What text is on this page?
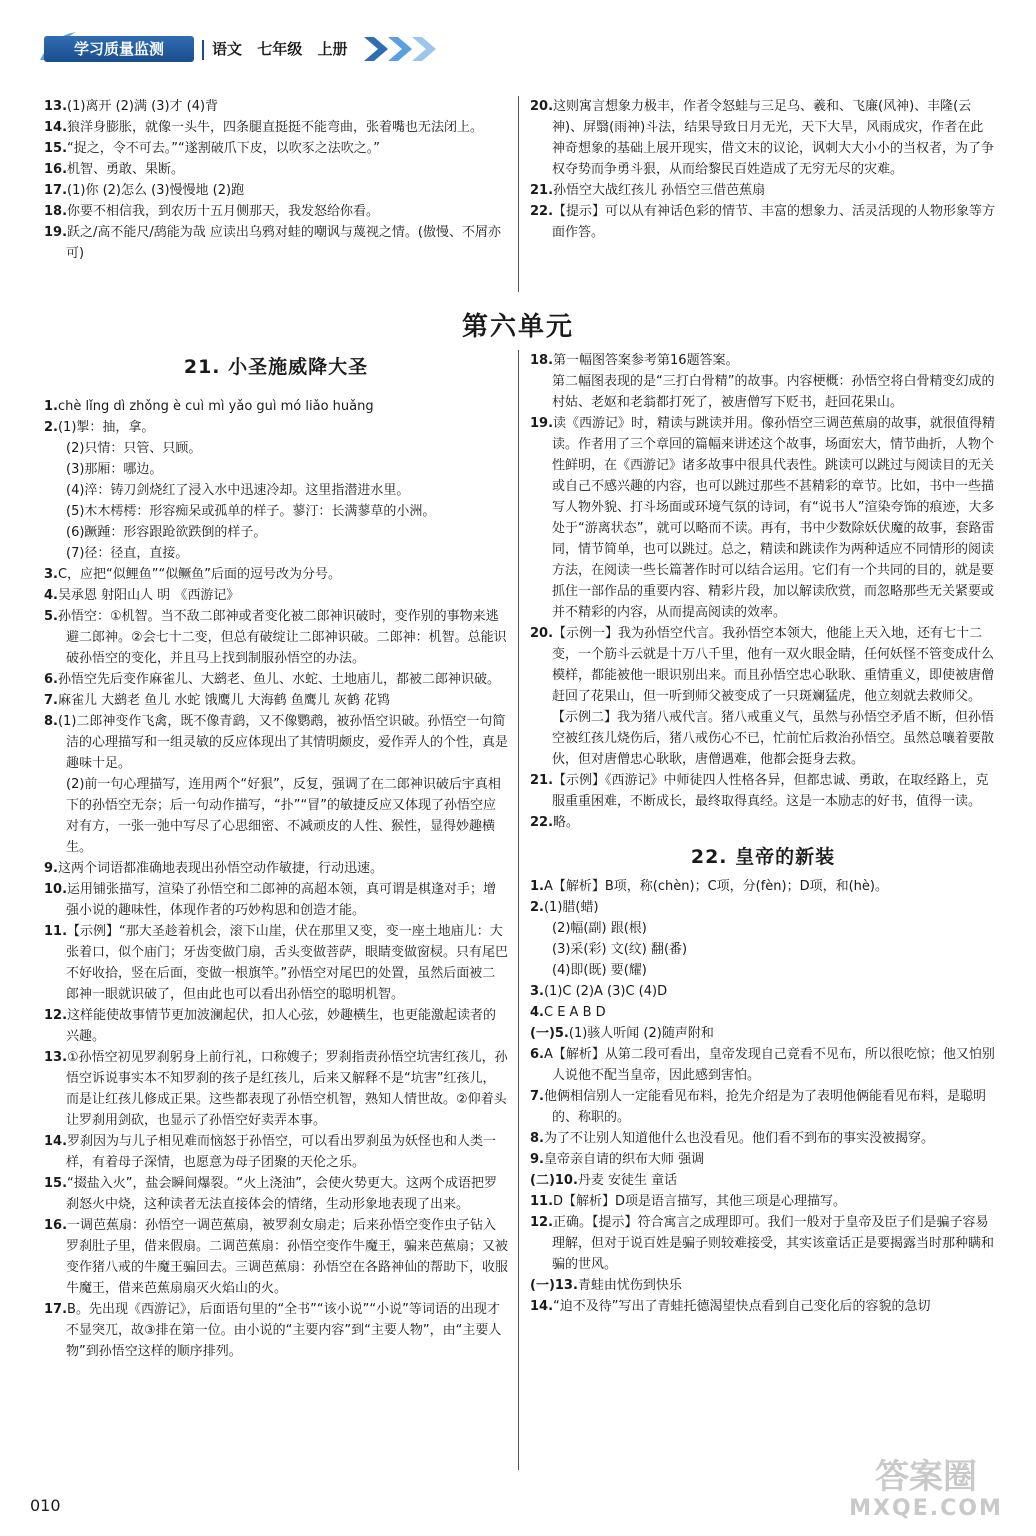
学习质量监测	语文 七年级 上册

13.(1)离开 (2)满 (3)才 (4)背

14.狼洋身膨胀，就像一头牛，四条腿直挺挺不能弯曲，张着嘴也无法闭上。

15.“捉之，令不可去。”“遂割破爪下皮，以吹豕之法吹之。”

16.机智、勇敢、果断。

17.(1)你 (2)怎么 (3)慢慢地 (2)跑

18.你要不相信我，到农历十五月侧那天，我发怒给你看。

19.跃之/高不能尺/鸹能为哉 应读出乌鸦对蛙的嘲讽与蔑视之情。(傲慢、不屑亦可)

20.这则寓言想象力极丰，作者令怒蛙与三足乌、羲和、飞廉(风神)、丰隆(云神)、屏翳(雨神)斗法，结果导致日月无光，天下大旱，风雨成灾，作者在此神奇想象的基础上展开现实，借文末的议论，讽刺大大小小的当权者，为了争权夺势而争勇斗狠，从而给黎民百姓造成了无穷无尽的灾难。

21.孙悟空大战红孩儿 孙悟空三借芭蕉扇

22.【提示】可以从有神话色彩的情节、丰富的想象力、活灵活现的人物形象等方面作答。

第六单元
21. 小圣施威降大圣

1.chè lǐng dì zhǒng è cuì mì yǎo guì mó liǎo huǎng

2.(1)掣：抽，拿。

(2)只情：只管、只顾。

(3)那厢：哪边。

(4)淬：铸刀剑烧红了浸入水中迅速冷却。这里指潜进水里。

(5)木木樗樗：形容痴呆或孤单的样子。蓼汀：长满蓼草的小洲。

(6)蹶踵：形容跟跄欲跌倒的样子。

(7)径：径直，直接。

3.C，应把“似鲤鱼”“似鳜鱼”后面的逗号改为分号。

4.吴承恩 射阳山人 明 《西游记》

5.孙悟空：①机智。当不敌二郎神或者变化被二郎神识破时，变作别的事物来逃避二郎神。②会七十二变，但总有破绽让二郎神识破。二郎神：机智。总能识破孙悟空的变化，并且马上找到制服孙悟空的办法。

6.孙悟空先后变作麻雀儿、大鹚老、鱼儿、水蛇、土地庙儿，都被二郎神识破。

7.麻雀儿 大鹚老 鱼儿 水蛇 饿鹰儿 大海鹤 鱼鹰儿 灰鹤 花鸨

8.(1)二郎神变作飞禽，既不像青鹞，又不像鹦鹉，被孙悟空识破。孙悟空一句简洁的心理描写和一组灵敏的反应体现出了其情明颇皮，爱作弄人的个性，真是趣味十足。

(2)前一句心理描写，连用两个“好狠”，反复，强调了在二郎神识破后宇真相下的孙悟空无奈；后一句动作描写，“扑”“冒”的敏捷反应又体现了孙悟空应对有方，一张一弛中写尽了心思细密、不减顽皮的人性、猴性，显得妙趣横生。

9.这两个词语都准确地表现出孙悟空动作敏捷，行动迅速。

10.运用铺张描写，渲染了孙悟空和二郎神的高超本领，真可谓是棋逢对手；增强小说的趣味性，体现作者的巧妙构思和创造才能。

11.【示例】“那大圣趁着机会，滚下山崖，伏在那里又变，变一座土地庙儿：大张着口，似个庙门；牙齿变做门扇，舌头变做菩萨，眼睛变做窗棂。只有尾巴不好收拾，竖在后面，变做一根旗竿。”孙悟空对尾巴的处置，虽然后面被二郎神一眼就识破了，但由此也可以看出孙悟空的聪明机智。

12.这样能使故事情节更加波澜起伏，扣人心弦，妙趣横生，也更能激起读者的兴趣。

13.①孙悟空初见罗刹躬身上前行礼，口称嫂子；罗刹指责孙悟空坑害红孩儿，孙悟空诉说事实本不知罗刹的孩子是红孩儿，后来又解释不是“坑害”红孩儿，而是让红孩儿修成正果。这些都表现了孙悟空机智，熟知人情世故。②仰着头让罗刹用剑砍，也显示了孙悟空好卖弄本事。

14.罗刹因为与儿子相见难而恼怒于孙悟空，可以看出罗刹虽为妖怪也和人类一样，有着母子深情，也愿意为母子团聚的天伦之乐。

15.“掇盐入火”，盐会瞬间爆裂。“火上浇油”，会使火势更大。这两个成语把罗刹怒火中烧，这种读者无法直接体会的情绪，生动形象地表现了出来。

16.一调芭蕉扇：孙悟空一调芭蕉扇，被罗刹女扇走；后来孙悟空变作虫子钻入罗刹肚子里，借来假扇。二调芭蕉扇：孙悟空变作牛魔王，骗来芭蕉扇；又被变作猪八戒的牛魔王骗回去。三调芭蕉扇：孙悟空在各路神仙的帮助下，收服牛魔王，借来芭蕉扇扇灭火焰山的火。

17.B。先出现《西游记》，后面语句里的“全书”“该小说”“小说”等词语的出现才不显突兀，故③排在第一位。由小说的“主要内容”到“主要人物”，由“主要人物”到孙悟空这样的顺序排列。

18.第一幅图答案参考第16题答案。

第二幅图表现的是“三打白骨精”的故事。内容梗概：孙悟空将白骨精变幻成的村姑、老妪和老翁都打死了，被唐僧写下贬书，赶回花果山。

19.读《西游记》时，精读与跳读并用。像孙悟空三调芭蕉扇的故事，就很值得精读。作者用了三个章回的篇幅来讲述这个故事，场面宏大，情节曲折，人物个性鲜明，在《西游记》诸多故事中很具代表性。跳读可以跳过与阅读目的无关或自己不感兴趣的内容，也可以跳过那些不甚精彩的章节。比如，书中一些描写人物外貌、打斗场面或环境气氛的诗词，有“说书人”渲染夸饰的痕迹，大多处于“游离状态”，就可以略而不读。再有，书中少数除妖伏魔的故事，套路雷同，情节简单，也可以跳过。总之，精读和跳读作为两种适应不同情形的阅读方法，在阅读一些长篇著作时可以结合运用。它们有一个共同的目的，就是要抓住一部作品的重要内容、精彩片段，加以解读欣赏，而忽略那些无关紧要或并不精彩的内容，从而提高阅读的效率。

20.【示例一】我为孙悟空代言。我孙悟空本领大，他能上天入地，还有七十二变，一个筋斗云就是十万八千里，他有一双火眼金睛，任何妖怪不管变成什么模样，都能被他一眼识别出来。而且孙悟空忠心耿耿、重情重义，即使被唐僧赶回了花果山，但一听到师父被变成了一只斑斓猛虎，他立刻就去救师父。

【示例二】我为猪八戒代言。猪八戒重义气，虽然与孙悟空矛盾不断，但孙悟空被红孩儿烧伤后，猪八戒伤心不已，忙前忙后救治孙悟空。虽然总嚷着要散伙，但对唐僧忠心耿耿，唐僧遇难，他都会挺身去救。

21.【示例】《西游记》中师徒四人性格各异，但都忠诚、勇敢，在取经路上，克服重重困难，不断成长，最终取得真经。这是一本励志的好书，值得一读。

22.略。

22. 皇帝的新装

1.A【解析】B项，称(chèn)；C项，分(fèn)；D项，和(hè)。

2.(1)腊(蜡)

(2)幅(副) 跟(根)

(3)采(彩) 文(纹) 翻(番)

(4)即(既) 要(耀)

3.(1)C (2)A (3)C (4)D

4.C E A B D

(一)5.(1)骇人听闻 (2)随声附和

6.A【解析】从第二段可看出，皇帝发现自己竟看不见布，所以很吃惊；他又怕别人说他不配当皇帝，因此感到害怕。

7.他俩相信别人一定能看见布料，抢先介绍是为了表明他俩能看见布料，是聪明的、称职的。

8.为了不让别人知道他什么也没看见。他们看不到布的事实没被揭穿。

9.皇帝亲自请的织布大师 强调

(二)10.丹麦 安徒生 童话

11.D【解析】D项是语言描写，其他三项是心理描写。

12.正确。【提示】符合寓言之成理即可。我们一般对于皇帝及臣子们是骗子容易理解，但对于说百姓是骗子则较难接受，其实该童话正是要揭露当时那种瞒和骗的世风。

(一)13.青蛙由忧伤到快乐

14.“迫不及待”写出了青蛙托德渴望快点看到自己变化后的容貌的急切

010
答案圈
MXQE.COM
